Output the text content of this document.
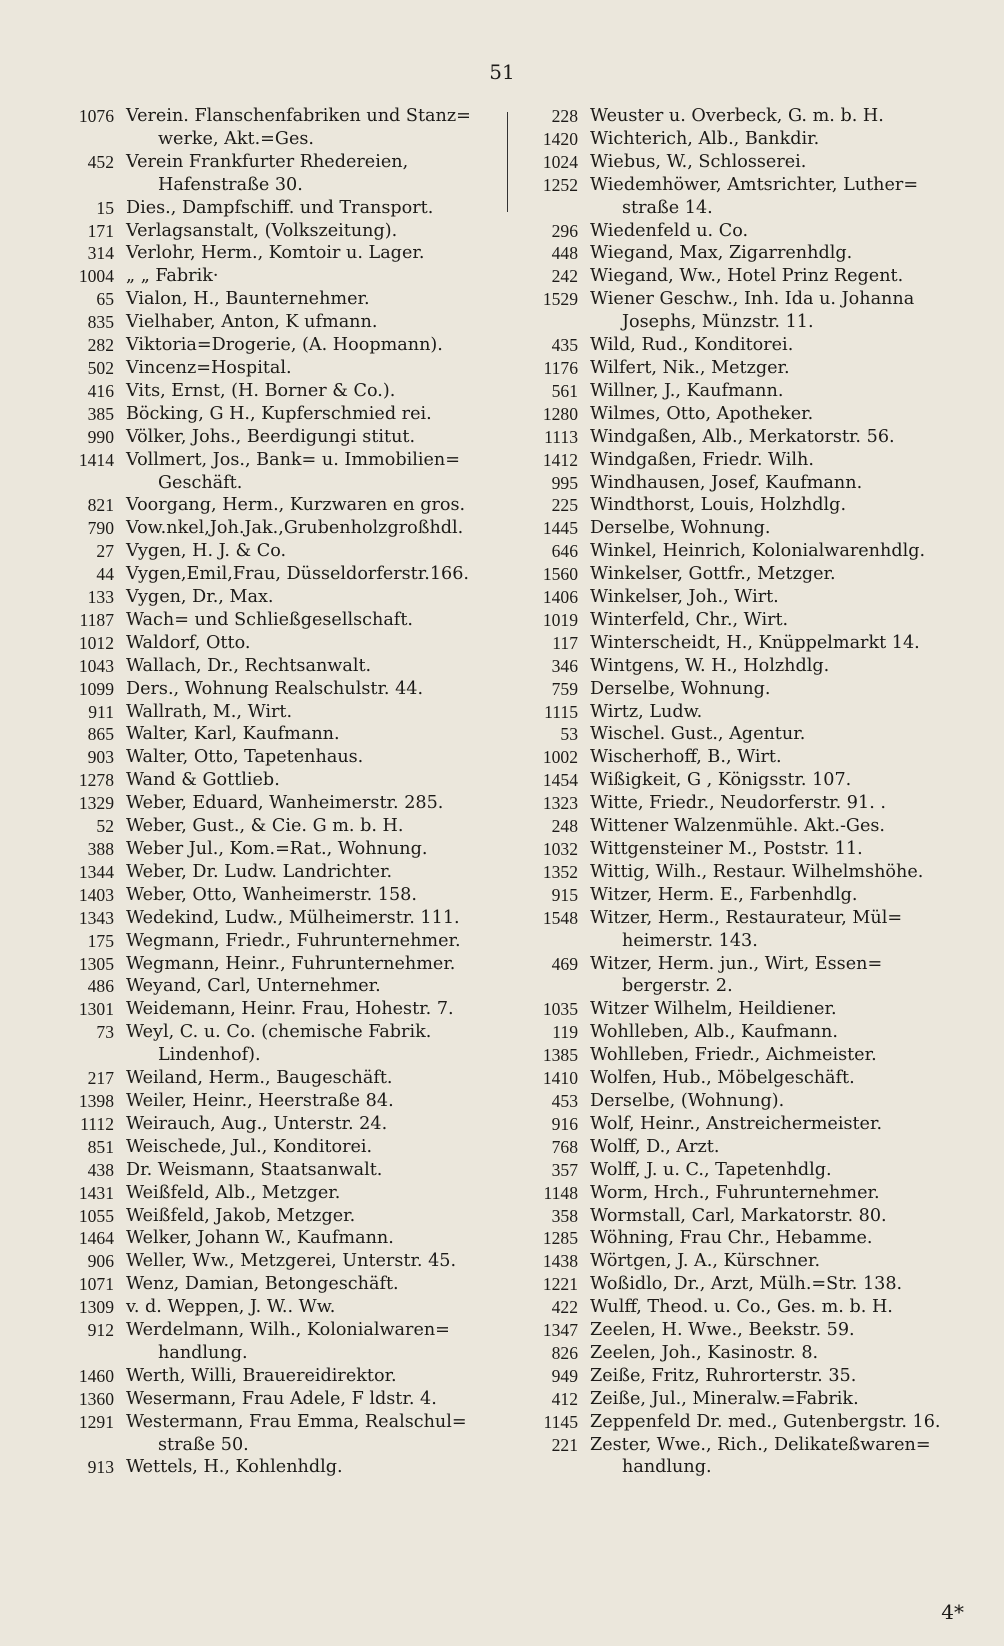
51
1076 Verein. Flanschenfabriken und Stanz=
werke, Akt.=Ges.
452 Verein Frankfurter Rhedereien,
Hafenstraße 30.
15 Dies., Dampfschiff. und Transport.
171 Verlagsanstalt, (Volkszeitung).
314 Verlohr, Herm., Komtoir u. Lager.
1004 „ „ Fabrik·
65 Vialon, H., Baunternehmer.
835 Vielhaber, Anton, K ufmann.
282 Viktoria=Drogerie, (A. Hoopmann).
502 Vincenz=Hospital.
416 Vits, Ernst, (H. Borner & Co.).
385 Böcking, G H., Kupferschmied rei.
990 Völker, Johs., Beerdigungi stitut.
1414 Vollmert, Jos., Bank= u. Immobilien=
Geschäft.
821 Voorgang, Herm., Kurzwaren en gros.
790 Vow.nkel,Joh.Jak.,Grubenholzgroßhdl.
27 Vygen, H. J. & Co.
44 Vygen,Emil,Frau, Düsseldorferstr.166.
133 Vygen, Dr., Max.
1187 Wach= und Schließgesellschaft.
1012 Waldorf, Otto.
1043 Wallach, Dr., Rechtsanwalt.
1099 Ders., Wohnung Realschulstr. 44.
911 Wallrath, M., Wirt.
865 Walter, Karl, Kaufmann.
903 Walter, Otto, Tapetenhaus.
1278 Wand & Gottlieb.
1329 Weber, Eduard, Wanheimerstr. 285.
52 Weber, Gust., & Cie. G m. b. H.
388 Weber Jul., Kom.=Rat., Wohnung.
1344 Weber, Dr. Ludw. Landrichter.
1403 Weber, Otto, Wanheimerstr. 158.
1343 Wedekind, Ludw., Mülheimerstr. 111.
175 Wegmann, Friedr., Fuhrunternehmer.
1305 Wegmann, Heinr., Fuhrunternehmer.
486 Weyand, Carl, Unternehmer.
1301 Weidemann, Heinr. Frau, Hohestr. 7.
73 Weyl, C. u. Co. (chemische Fabrik.
Lindenhof).
217 Weiland, Herm., Baugeschäft.
1398 Weiler, Heinr., Heerstraße 84.
1112 Weirauch, Aug., Unterstr. 24.
851 Weischede, Jul., Konditorei.
438 Dr. Weismann, Staatsanwalt.
1431 Weißfeld, Alb., Metzger.
1055 Weißfeld, Jakob, Metzger.
1464 Welker, Johann W., Kaufmann.
906 Weller, Ww., Metzgerei, Unterstr. 45.
1071 Wenz, Damian, Betongeschäft.
1309 v. d. Weppen, J. W.. Ww.
912 Werdelmann, Wilh., Kolonialwaren=
handlung.
1460 Werth, Willi, Brauereidirektor.
1360 Wesermann, Frau Adele, F ldstr. 4.
1291 Westermann, Frau Emma, Realschul=
straße 50.
913 Wettels, H., Kohlenhdlg.
228 Weuster u. Overbeck, G. m. b. H.
1420 Wichterich, Alb., Bankdir.
1024 Wiebus, W., Schlosserei.
1252 Wiedemhöwer, Amtsrichter, Luther=
straße 14.
296 Wiedenfeld u. Co.
448 Wiegand, Max, Zigarrenhdlg.
242 Wiegand, Ww., Hotel Prinz Regent.
1529 Wiener Geschw., Inh. Ida u. Johanna
Josephs, Münzstr. 11.
435 Wild, Rud., Konditorei.
1176 Wilfert, Nik., Metzger.
561 Willner, J., Kaufmann.
1280 Wilmes, Otto, Apotheker.
1113 Windgaßen, Alb., Merkatorstr. 56.
1412 Windgaßen, Friedr. Wilh.
995 Windhausen, Josef, Kaufmann.
225 Windthorst, Louis, Holzhdlg.
1445 Derselbe, Wohnung.
646 Winkel, Heinrich, Kolonialwarenhdlg.
1560 Winkelser, Gottfr., Metzger.
1406 Winkelser, Joh., Wirt.
1019 Winterfeld, Chr., Wirt.
117 Winterscheidt, H., Knüppelmarkt 14.
346 Wintgens, W. H., Holzhdlg.
759 Derselbe, Wohnung.
1115 Wirtz, Ludw.
53 Wischel. Gust., Agentur.
1002 Wischerhoff, B., Wirt.
1454 Wißigkeit, G , Königsstr. 107.
1323 Witte, Friedr., Neudorferstr. 91. .
248 Wittener Walzenmühle. Akt.-Ges.
1032 Wittgensteiner M., Poststr. 11.
1352 Wittig, Wilh., Restaur. Wilhelmshöhe.
915 Witzer, Herm. E., Farbenhdlg.
1548 Witzer, Herm., Restaurateur, Mül=
heimerstr. 143.
469 Witzer, Herm. jun., Wirt, Essen=
bergerstr. 2.
1035 Witzer Wilhelm, Heildiener.
119 Wohlleben, Alb., Kaufmann.
1385 Wohlleben, Friedr., Aichmeister.
1410 Wolfen, Hub., Möbelgeschäft.
453 Derselbe, (Wohnung).
916 Wolf, Heinr., Anstreichermeister.
768 Wolff, D., Arzt.
357 Wolff, J. u. C., Tapetenhdlg.
1148 Worm, Hrch., Fuhrunternehmer.
358 Wormstall, Carl, Markatorstr. 80.
1285 Wöhning, Frau Chr., Hebamme.
1438 Wörtgen, J. A., Kürschner.
1221 Woßidlo, Dr., Arzt, Mülh.=Str. 138.
422 Wulff, Theod. u. Co., Ges. m. b. H.
1347 Zeelen, H. Wwe., Beekstr. 59.
826 Zeelen, Joh., Kasinostr. 8.
949 Zeiße, Fritz, Ruhrorterstr. 35.
412 Zeiße, Jul., Mineralw.=Fabrik.
1145 Zeppenfeld Dr. med., Gutenbergstr. 16.
221 Zester, Wwe., Rich., Delikateßwaren=
handlung.
4*
